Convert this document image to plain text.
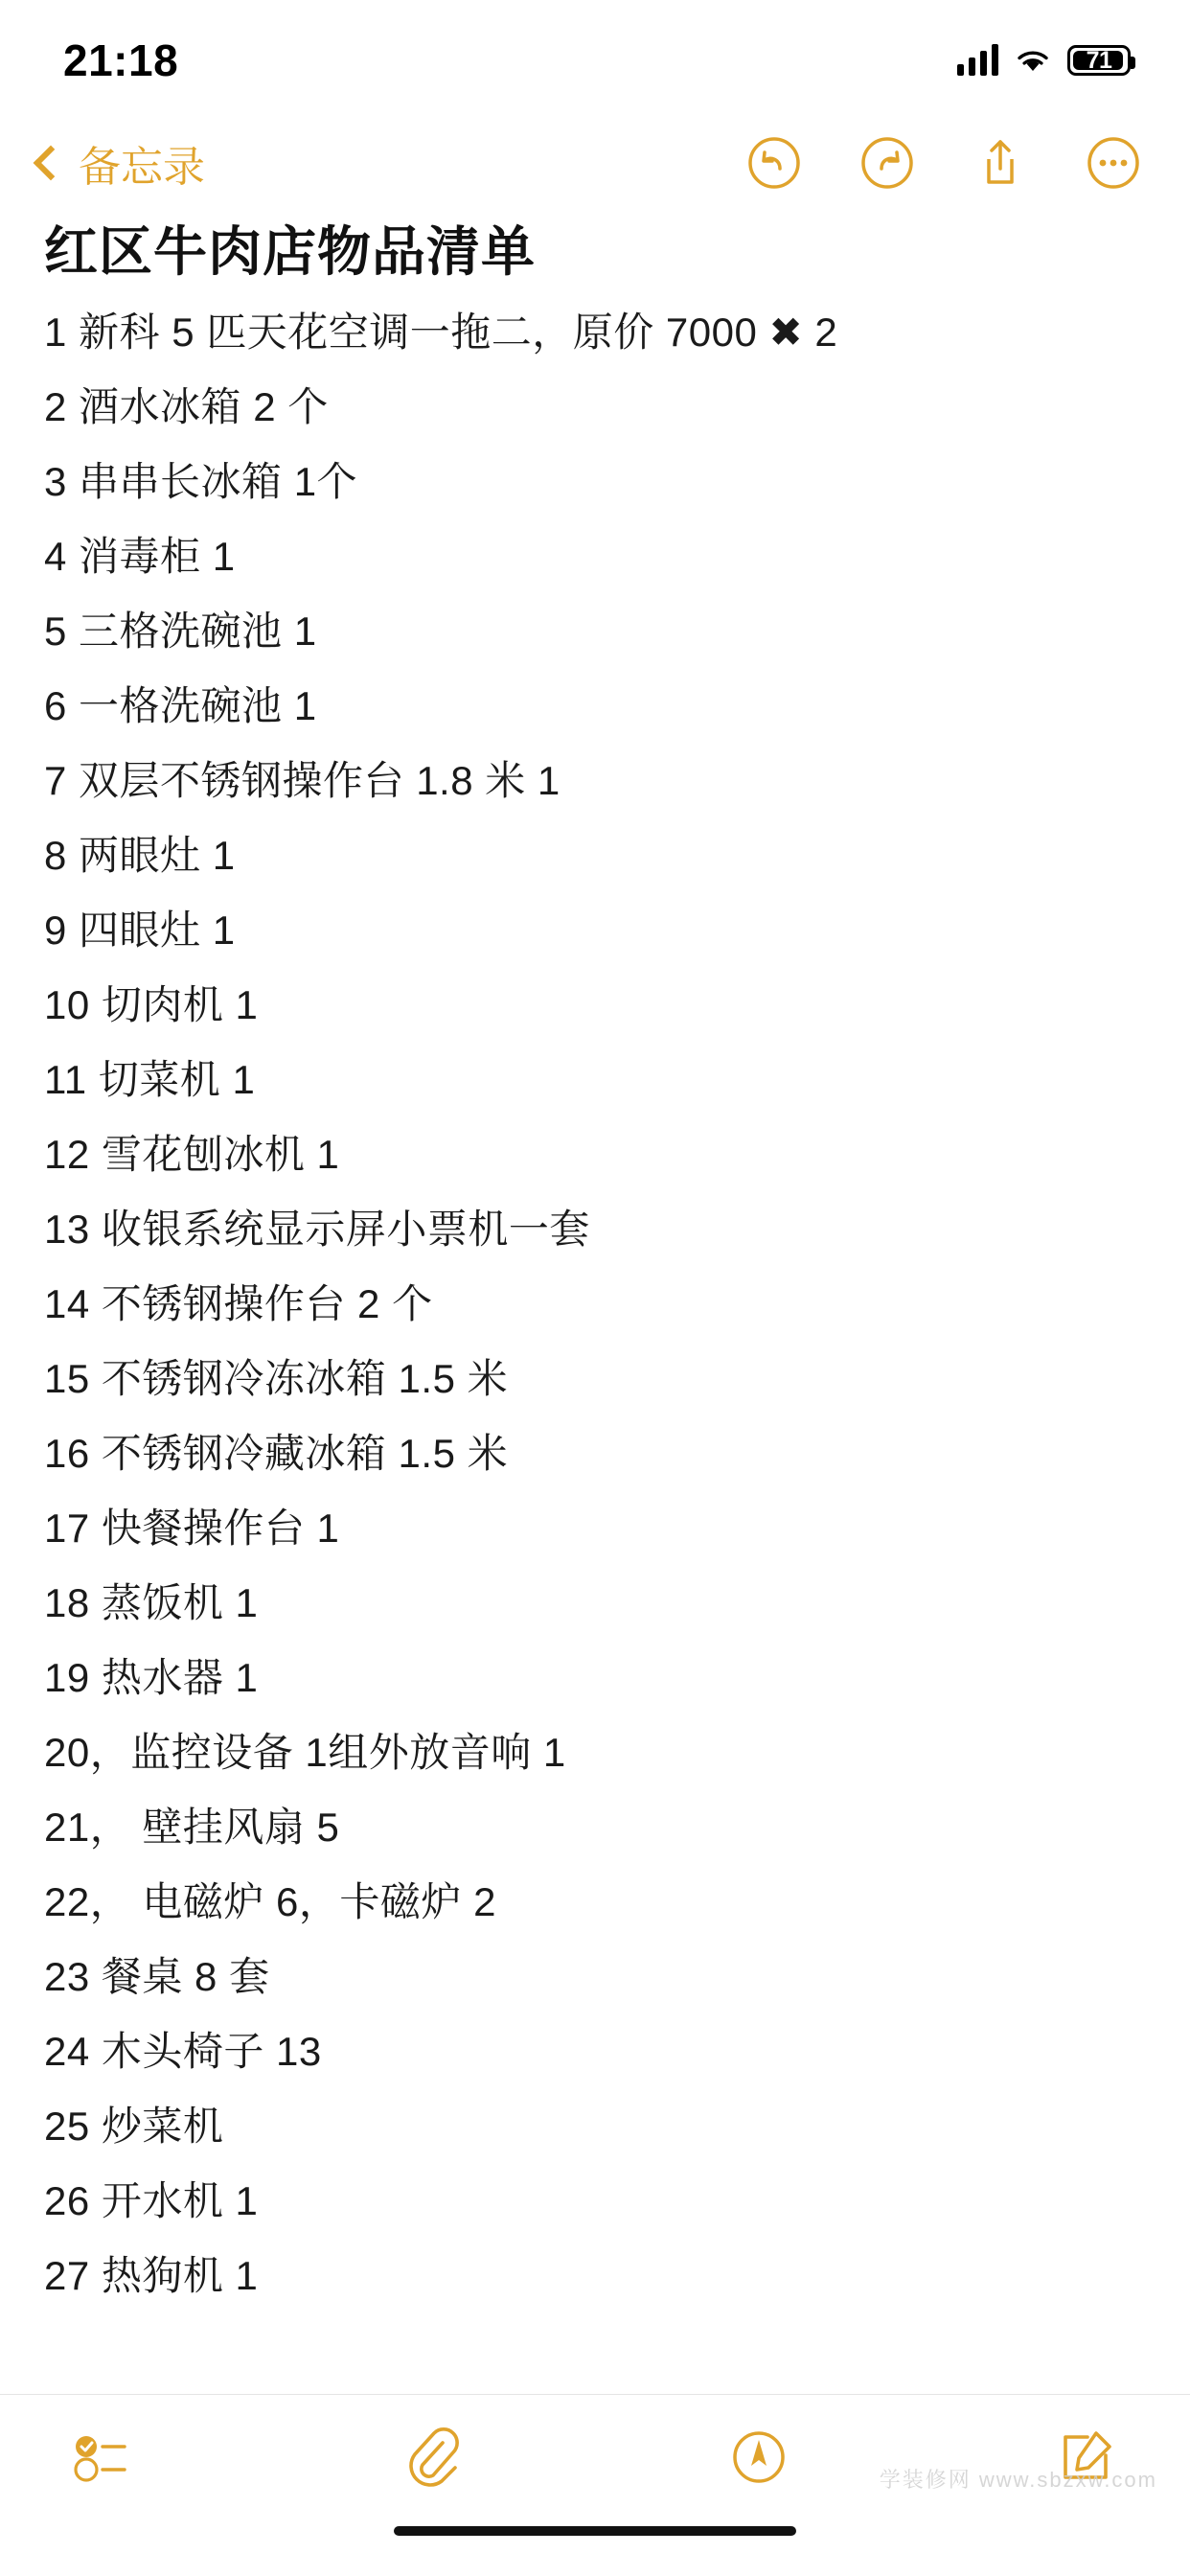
21:18	71
备忘录
红区牛肉店物品清单
1 新科 5 匹天花空调一拖二，原价 7000 ✖ 2
2 酒水冰箱 2 个
3 串串长冰箱 1个
4 消毒柜 1
5 三格洗碗池 1
6 一格洗碗池 1
7 双层不锈钢操作台 1.8 米 1
8 两眼灶 1
9 四眼灶 1
10 切肉机 1
11 切菜机 1
12 雪花刨冰机 1
13 收银系统显示屏小票机一套
14 不锈钢操作台 2 个
15 不锈钢冷冻冰箱 1.5 米
16 不锈钢冷藏冰箱 1.5 米
17 快餐操作台 1
18 蒸饭机 1
19 热水器 1
20，监控设备 1组外放音响 1
21， 壁挂风扇 5
22， 电磁炉 6，卡磁炉 2
23 餐桌 8 套
24 木头椅子 13
25 炒菜机
26 开水机 1
27 热狗机 1
学装修网 www.sbzxw.com
